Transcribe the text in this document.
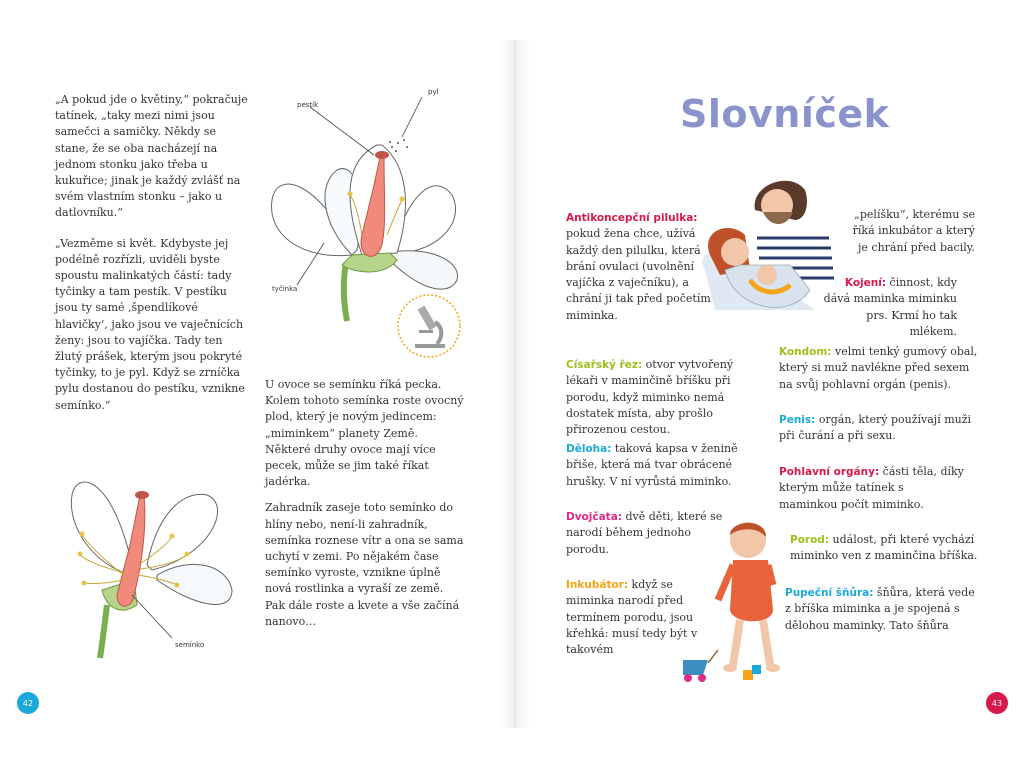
„A pokud jde o květiny,“ pokračuje tatínek, „taky mezi nimi jsou samečci a samičky. Někdy se stane, že se oba nacházejí na jednom stonku jako třeba u kukuřice; jinak je každý zvlášť na svém vlastním stonku – jako u datlovníku.“

„Vezměme si květ. Kdybyste jej podélně rozřízli, uviděli byste spoustu malinkatých částí: tady tyčinky a tam pestík. V pestíku jsou ty samé ‚špendlíkové hlavičky‘, jako jsou ve vaječnících ženy: jsou to vajíčka. Tady ten žlutý prášek, kterým jsou pokryté tyčinky, to je pyl. Když se zrníčka pylu dostanou do pestíku, vznikne semínko.“

U ovoce se semínku říká pecka. Kolem tohoto semínka roste ovocný plod, který je novým jedincem: „miminkem“ planety Země. Některé druhy ovoce mají více pecek, může se jim také říkat jadérka.

Zahradník zaseje toto semínko do hlíny nebo, není-li zahradník, semínka roznese vítr a ona se sama uchytí v zemi. Po nějakém čase semínko vyroste, vznikne úplně nová rostlinka a vyraší ze země. Pak dále roste a kvete a vše začíná nanovo…

pestík
pyl
tyčinka
semínko
42
Slovníček
Antikoncepční pilulka: pokud žena chce, užívá každý den pilulku, která brání ovulaci (uvolnění vajíčka z vaječníku), a chrání ji tak před početím miminka.
Císařský řez: otvor vytvořený lékaři v maminčině bříšku při porodu, když miminko nemá dostatek místa, aby prošlo přirozenou cestou.
Děloha: taková kapsa v ženině břiše, která má tvar obrácené hrušky. V ní vyrůstá miminko.
Dvojčata: dvě děti, které se narodí během jednoho porodu.
Inkubátor: když se miminka narodí před termínem porodu, jsou křehká: musí tedy být v takovém
„pelíšku“, kterému se říká inkubátor a který je chrání před bacily.
Kojení: činnost, kdy dává maminka miminku prs. Krmí ho tak mlékem.
Kondom: velmi tenký gumový obal, který si muž navlékne před sexem na svůj pohlavní orgán (penis).
Penis: orgán, který používají muži při čurání a při sexu.
Pohlavní orgány: části těla, díky kterým může tatínek s maminkou počít miminko.
Porod: událost, při které vychází miminko ven z maminčina bříška.
Pupeční šňůra: šňůra, která vede z bříška miminka a je spojená s dělohou maminky. Tato šňůra
43
